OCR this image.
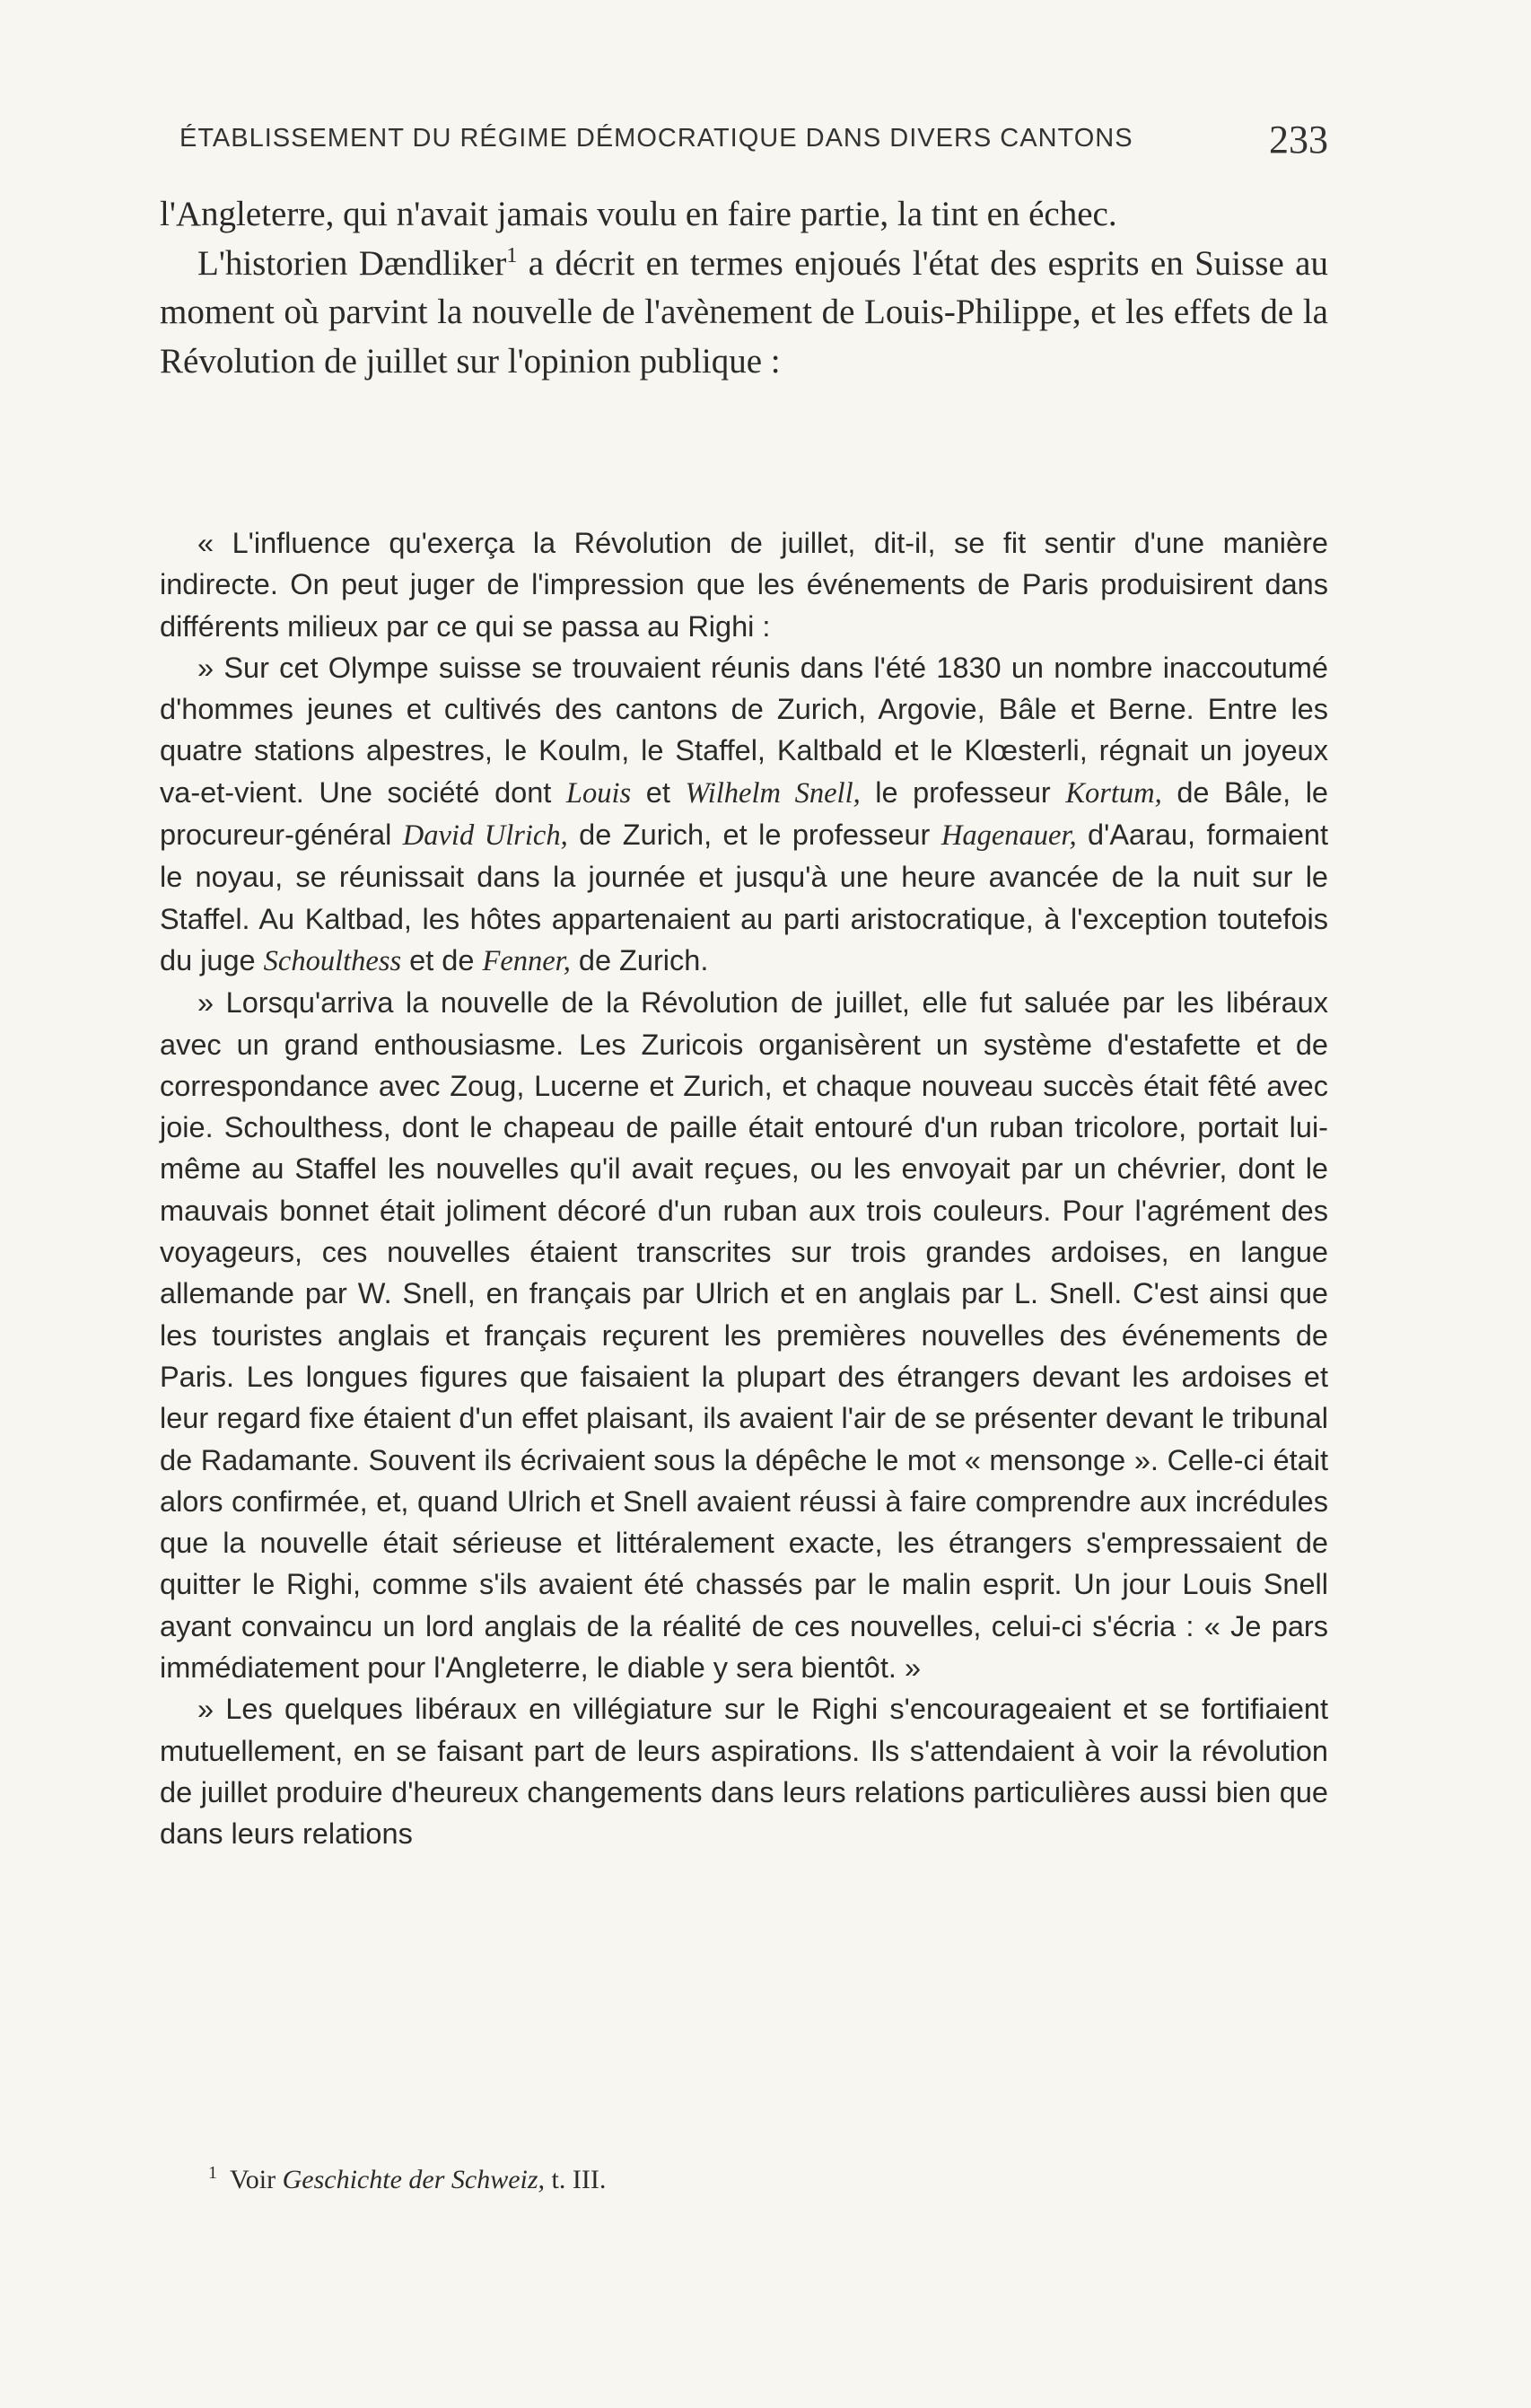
ÉTABLISSEMENT DU RÉGIME DÉMOCRATIQUE DANS DIVERS CANTONS	233

l'Angleterre, qui n'avait jamais voulu en faire partie, la tint en échec.

L'historien Dændliker$^1$ a décrit en termes enjoués l'état des esprits en Suisse au moment où parvint la nouvelle de l'avènement de Louis-Philippe, et les effets de la Révolution de juillet sur l'opinion publique :

« L'influence qu'exerça la Révolution de juillet, dit-il, se fit sentir d'une manière indirecte. On peut juger de l'impression que les événements de Paris produisirent dans différents milieux par ce qui se passa au Righi :

» Sur cet Olympe suisse se trouvaient réunis dans l'été 1830 un nombre inaccoutumé d'hommes jeunes et cultivés des cantons de Zurich, Argovie, Bâle et Berne. Entre les quatre stations alpestres, le Koulm, le Staffel, Kaltbald et le Klœsterli, régnait un joyeux va-et-vient. Une société dont Louis et Wilhelm Snell, le professeur Kortum, de Bâle, le procureur-général David Ulrich, de Zurich, et le professeur Hagenauer, d'Aarau, formaient le noyau, se réunissait dans la journée et jusqu'à une heure avancée de la nuit sur le Staffel. Au Kaltbad, les hôtes appartenaient au parti aristocratique, à l'exception toutefois du juge Schoulthess et de Fenner, de Zurich.

» Lorsqu'arriva la nouvelle de la Révolution de juillet, elle fut saluée par les libéraux avec un grand enthousiasme. Les Zuricois organisèrent un système d'estafette et de correspondance avec Zoug, Lucerne et Zurich, et chaque nouveau succès était fêté avec joie. Schoulthess, dont le chapeau de paille était entouré d'un ruban tricolore, portait lui-même au Staffel les nouvelles qu'il avait reçues, ou les envoyait par un chévrier, dont le mauvais bonnet était joliment décoré d'un ruban aux trois couleurs. Pour l'agrément des voyageurs, ces nouvelles étaient transcrites sur trois grandes ardoises, en langue allemande par W. Snell, en français par Ulrich et en anglais par L. Snell. C'est ainsi que les touristes anglais et français reçurent les premières nouvelles des événements de Paris. Les longues figures que faisaient la plupart des étrangers devant les ardoises et leur regard fixe étaient d'un effet plaisant, ils avaient l'air de se présenter devant le tribunal de Radamante. Souvent ils écrivaient sous la dépêche le mot « mensonge ». Celle-ci était alors confirmée, et, quand Ulrich et Snell avaient réussi à faire comprendre aux incrédules que la nouvelle était sérieuse et littéralement exacte, les étrangers s'empressaient de quitter le Righi, comme s'ils avaient été chassés par le malin esprit. Un jour Louis Snell ayant convaincu un lord anglais de la réalité de ces nouvelles, celui-ci s'écria : « Je pars immédiatement pour l'Angleterre, le diable y sera bientôt. »

» Les quelques libéraux en villégiature sur le Righi s'encourageaient et se fortifiaient mutuellement, en se faisant part de leurs aspirations. Ils s'attendaient à voir la révolution de juillet produire d'heureux changements dans leurs relations particulières aussi bien que dans leurs relations

$^1$ Voir Geschichte der Schweiz, t. III.
